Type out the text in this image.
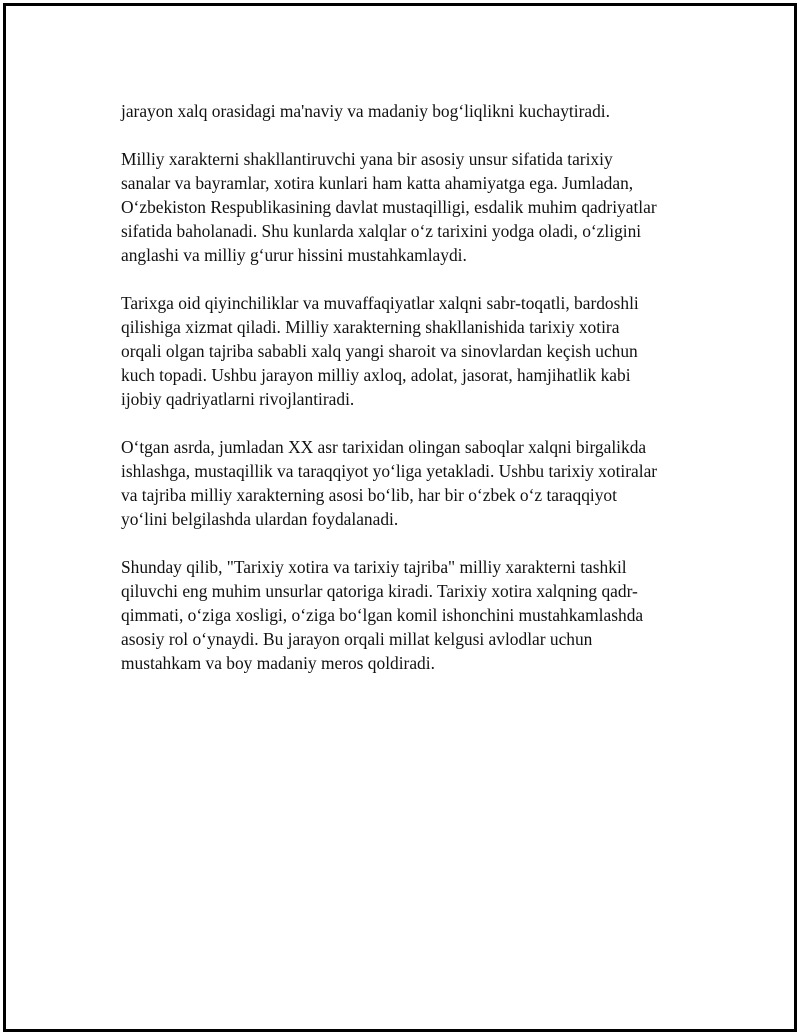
jarayon xalq orasidagi ma'naviy va madaniy bog‘liqlikni kuchaytiradi.

Milliy xarakterni shakllantiruvchi yana bir asosiy unsur sifatida tarixiy
sanalar va bayramlar, xotira kunlari ham katta ahamiyatga ega. Jumladan,
O‘zbekiston Respublikasining davlat mustaqilligi, esdalik muhim qadriyatlar
sifatida baholanadi. Shu kunlarda xalqlar o‘z tarixini yodga oladi, o‘zligini
anglashi va milliy g‘urur hissini mustahkamlaydi.

Tarixga oid qiyinchiliklar va muvaffaqiyatlar xalqni sabr-toqatli, bardoshli
qilishiga xizmat qiladi. Milliy xarakterning shakllanishida tarixiy xotira
orqali olgan tajriba sababli xalq yangi sharoit va sinovlardan keçish uchun
kuch topadi. Ushbu jarayon milliy axloq, adolat, jasorat, hamjihatlik kabi
ijobiy qadriyatlarni rivojlantiradi.

O‘tgan asrda, jumladan XX asr tarixidan olingan saboqlar xalqni birgalikda
ishlashga, mustaqillik va taraqqiyot yo‘liga yetakladi. Ushbu tarixiy xotiralar
va tajriba milliy xarakterning asosi bo‘lib, har bir o‘zbek o‘z taraqqiyot
yo‘lini belgilashda ulardan foydalanadi.

Shunday qilib, "Tarixiy xotira va tarixiy tajriba" milliy xarakterni tashkil
qiluvchi eng muhim unsurlar qatoriga kiradi. Tarixiy xotira xalqning qadr-
qimmati, o‘ziga xosligi, o‘ziga bo‘lgan komil ishonchini mustahkamlashda
asosiy rol o‘ynaydi. Bu jarayon orqali millat kelgusi avlodlar uchun
mustahkam va boy madaniy meros qoldiradi.
